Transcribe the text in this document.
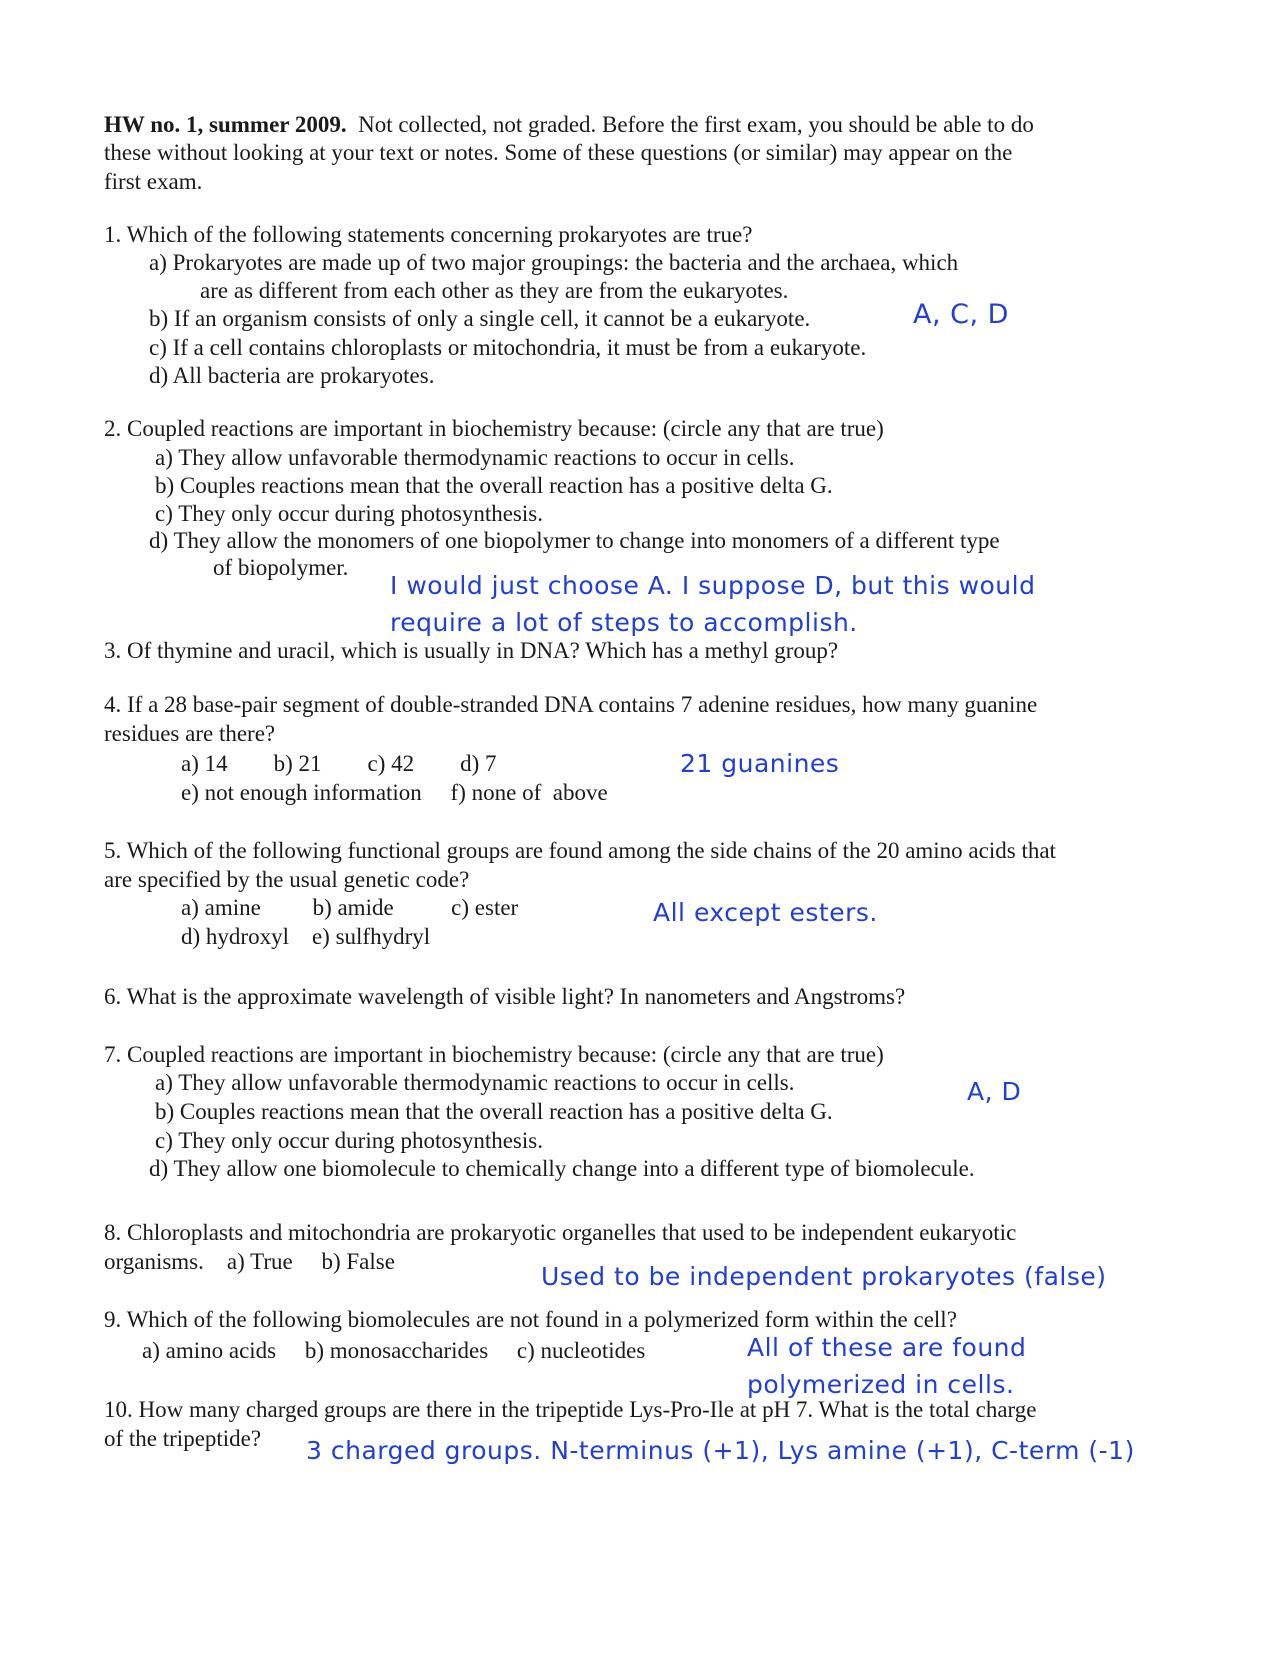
HW no. 1, summer 2009. Not collected, not graded. Before the first exam, you should be able to do

these without looking at your text or notes. Some of these questions (or similar) may appear on the

first exam.

1. Which of the following statements concerning prokaryotes are true?

a) Prokaryotes are made up of two major groupings: the bacteria and the archaea, which

are as different from each other as they are from the eukaryotes.

b) If an organism consists of only a single cell, it cannot be a eukaryote.

c) If a cell contains chloroplasts or mitochondria, it must be from a eukaryote.

d) All bacteria are prokaryotes.

A, C, D

2. Coupled reactions are important in biochemistry because: (circle any that are true)

a) They allow unfavorable thermodynamic reactions to occur in cells.

b) Couples reactions mean that the overall reaction has a positive delta G.

c) They only occur during photosynthesis.

d) They allow the monomers of one biopolymer to change into monomers of a different type

of biopolymer.

I would just choose A. I suppose D, but this would

require a lot of steps to accomplish.

3. Of thymine and uracil, which is usually in DNA? Which has a methyl group?

4. If a 28 base-pair segment of double-stranded DNA contains 7 adenine residues, how many guanine

residues are there?

a) 14        b) 21        c) 42        d) 7

e) not enough information     f) none of  above

21 guanines

5. Which of the following functional groups are found among the side chains of the 20 amino acids that

are specified by the usual genetic code?

a) amine         b) amide          c) ester

d) hydroxyl    e) sulfhydryl

All except esters.

6. What is the approximate wavelength of visible light? In nanometers and Angstroms?

7. Coupled reactions are important in biochemistry because: (circle any that are true)

a) They allow unfavorable thermodynamic reactions to occur in cells.

b) Couples reactions mean that the overall reaction has a positive delta G.

c) They only occur during photosynthesis.

d) They allow one biomolecule to chemically change into a different type of biomolecule.

A, D

8. Chloroplasts and mitochondria are prokaryotic organelles that used to be independent eukaryotic

organisms.    a) True     b) False

Used to be independent prokaryotes (false)

9. Which of the following biomolecules are not found in a polymerized form within the cell?

a) amino acids     b) monosaccharides     c) nucleotides	All of these are found

polymerized in cells.

10. How many charged groups are there in the tripeptide Lys-Pro-Ile at pH 7. What is the total charge

of the tripeptide? 3 charged groups. N-terminus (+1), Lys amine (+1), C-term (-1)
